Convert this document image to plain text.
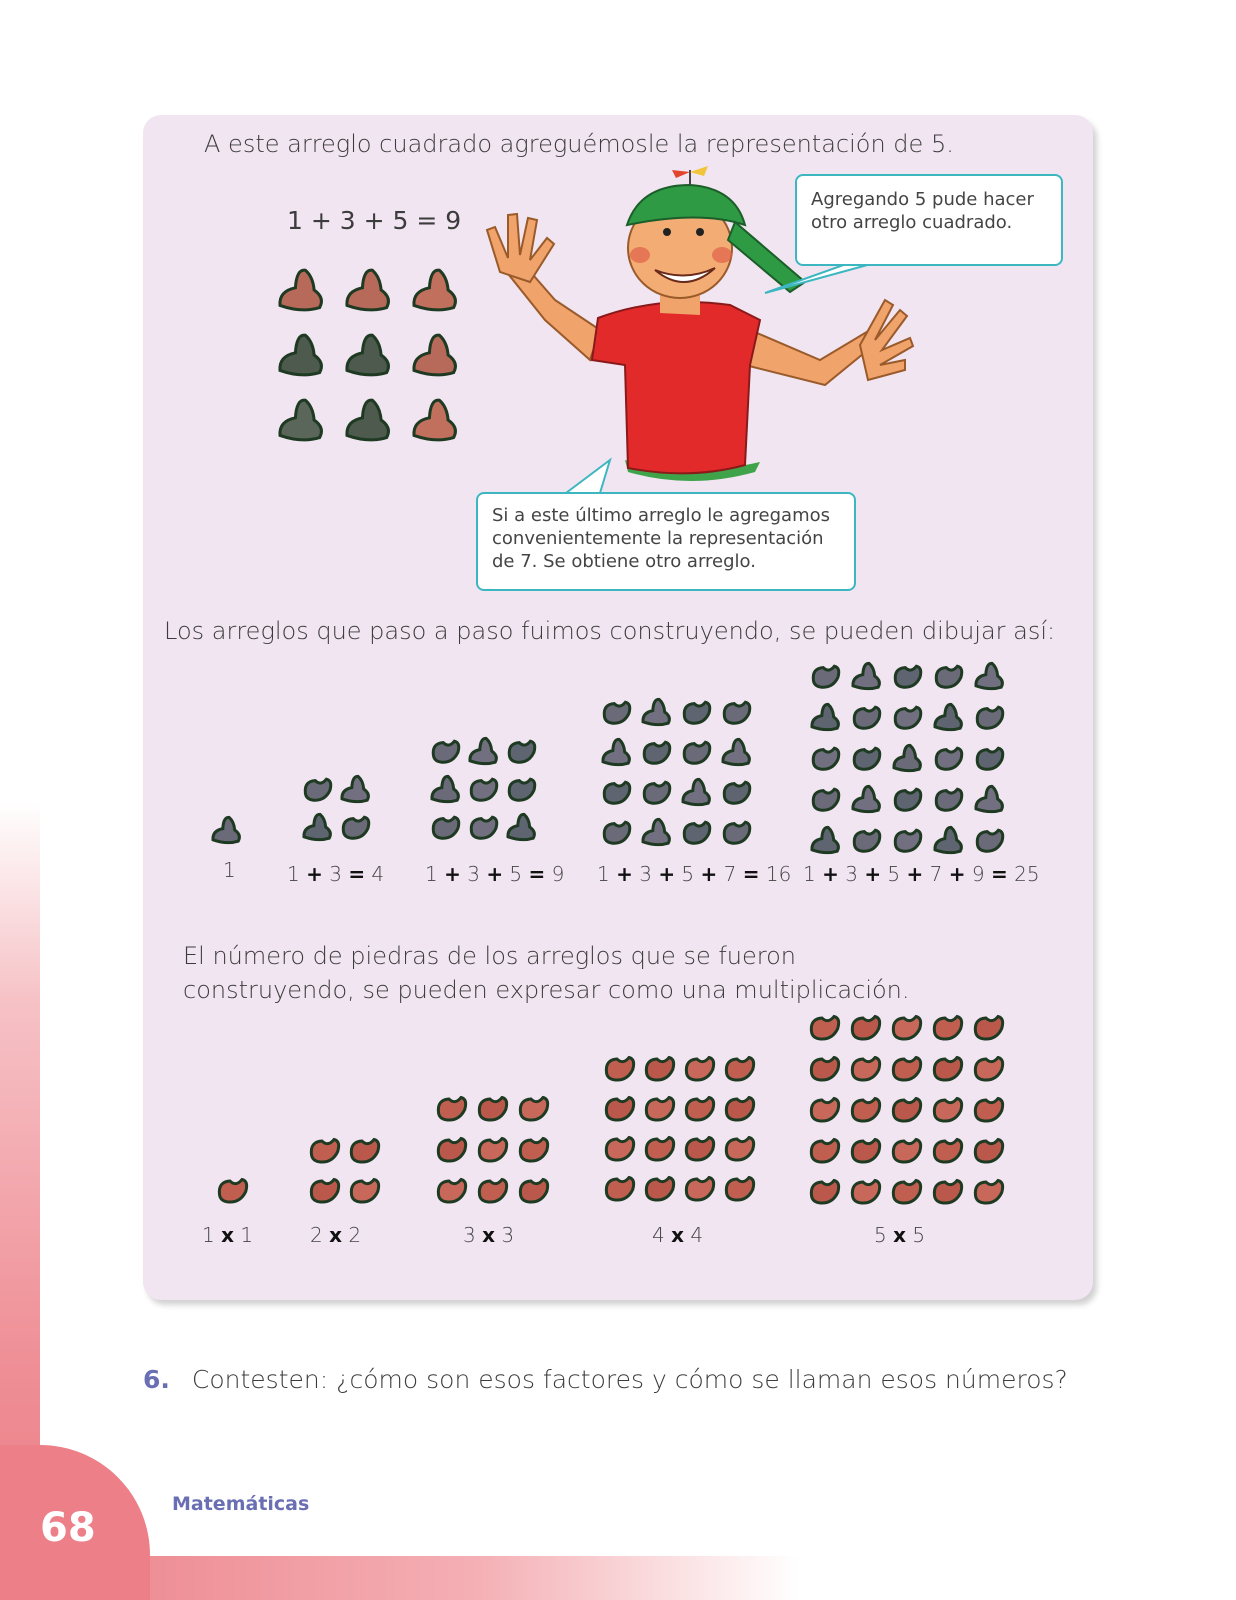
68
Matemáticas
A este arreglo cuadrado agreguémosle la representación de 5.
1 + 3 + 5 = 9
Agregando 5 pude hacer otro arreglo cuadrado.
Si a este último arreglo le agregamos convenientemente la representación de 7. Se obtiene otro arreglo.
Los arreglos que paso a paso fuimos construyendo, se pueden dibujar así:
1	1 + 3 = 4 1 + 3 + 5 = 9 1 + 3 + 5 + 7 = 16 1 + 3 + 5 + 7 + 9 = 25
El número de piedras de los arreglos que se fueron construyendo, se pueden expresar como una multiplicación.
1 x 1	2 x 2	3 x 3	4 x 4	5 x 5
6. Contesten: ¿cómo son esos factores y cómo se llaman esos números?
